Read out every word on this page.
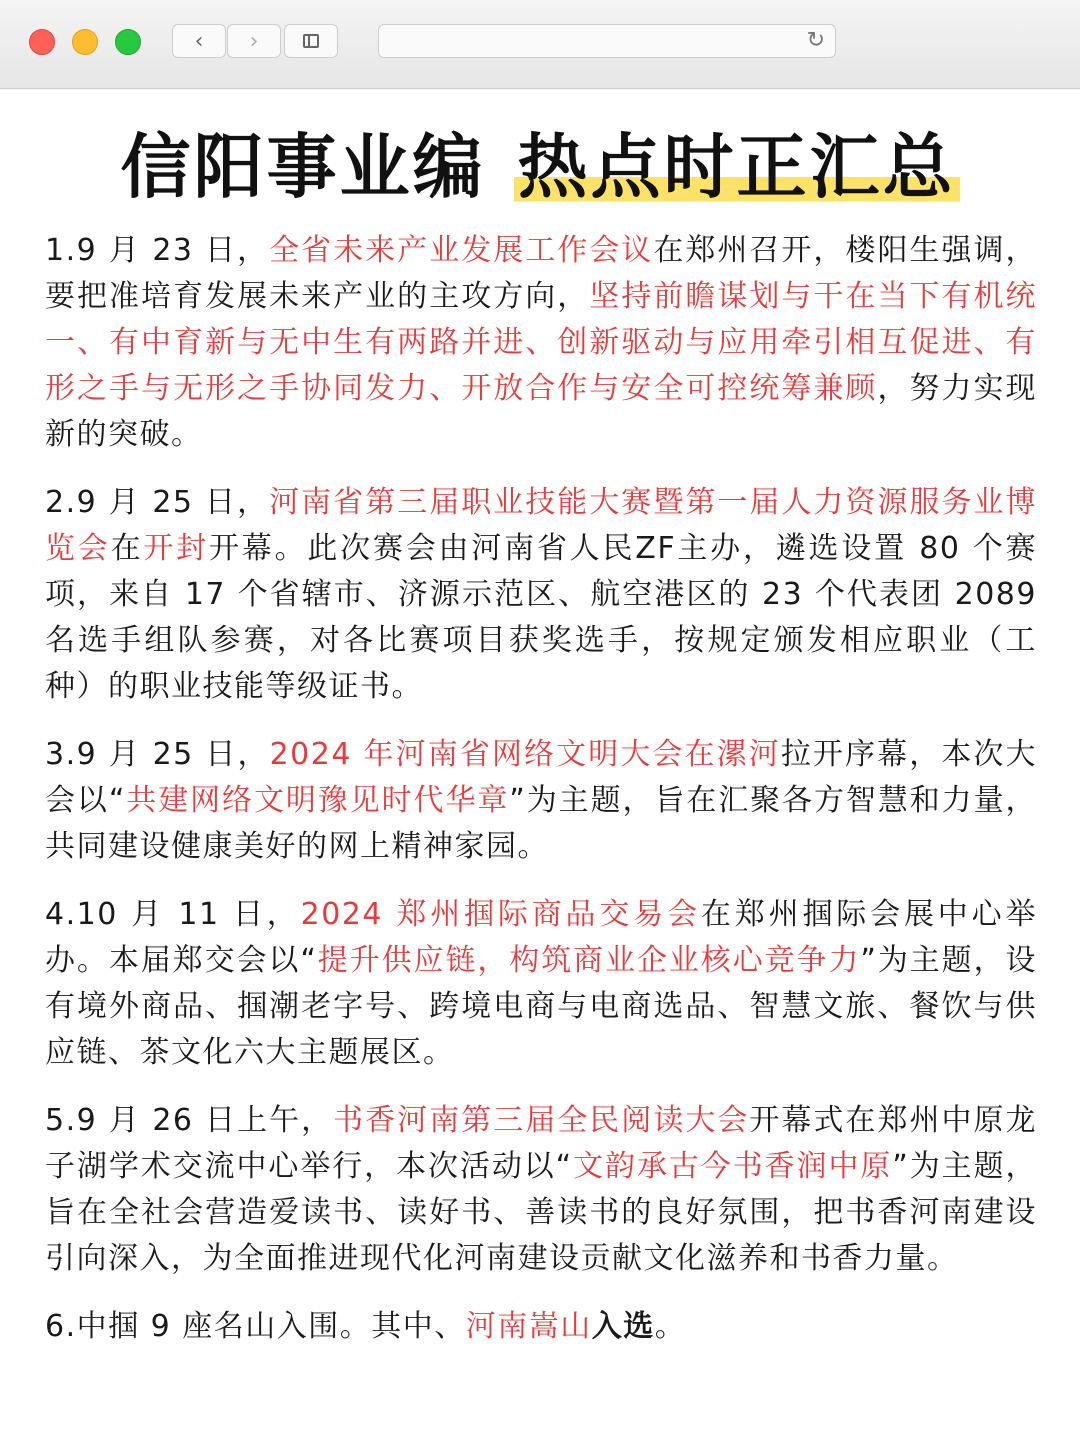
‹ ›	↻
信阳事业编 热点时正汇总

1.9 月 23 日，全省未来产业发展工作会议在郑州召开，楼阳生强调，要把准培育发展未来产业的主攻方向，坚持前瞻谋划与干在当下有机统一、有中育新与无中生有两路并进、创新驱动与应用牵引相互促进、有形之手与无形之手协同发力、开放合作与安全可控统筹兼顾，努力实现新的突破。

2.9 月 25 日，河南省第三届职业技能大赛暨第一届人力资源服务业博览会在开封开幕。此次赛会由河南省人民ZF主办，遴选设置 80 个赛项，来自 17 个省辖市、济源示范区、航空港区的 23 个代表团 2089 名选手组队参赛，对各比赛项目获奖选手，按规定颁发相应职业（工种）的职业技能等级证书。

3.9 月 25 日，2024 年河南省网络文明大会在漯河拉开序幕，本次大会以“共建网络文明豫见时代华章”为主题，旨在汇聚各方智慧和力量，共同建设健康美好的网上精神家园。

4.10 月 11 日，2024 郑州掴际商品交易会在郑州掴际会展中心举办。本届郑交会以“提升供应链，构筑商业企业核心竞争力”为主题，设有境外商品、掴潮老字号、跨境电商与电商选品、智慧文旅、餐饮与供应链、茶文化六大主题展区。

5.9 月 26 日上午，书香河南第三届全民阅读大会开幕式在郑州中原龙子湖学术交流中心举行，本次活动以“文韵承古今书香润中原”为主题，旨在全社会营造爱读书、读好书、善读书的良好氛围，把书香河南建设引向深入，为全面推进现代化河南建设贡献文化滋养和书香力量。

6.中掴 9 座名山入围。其中、河南嵩山入选。
